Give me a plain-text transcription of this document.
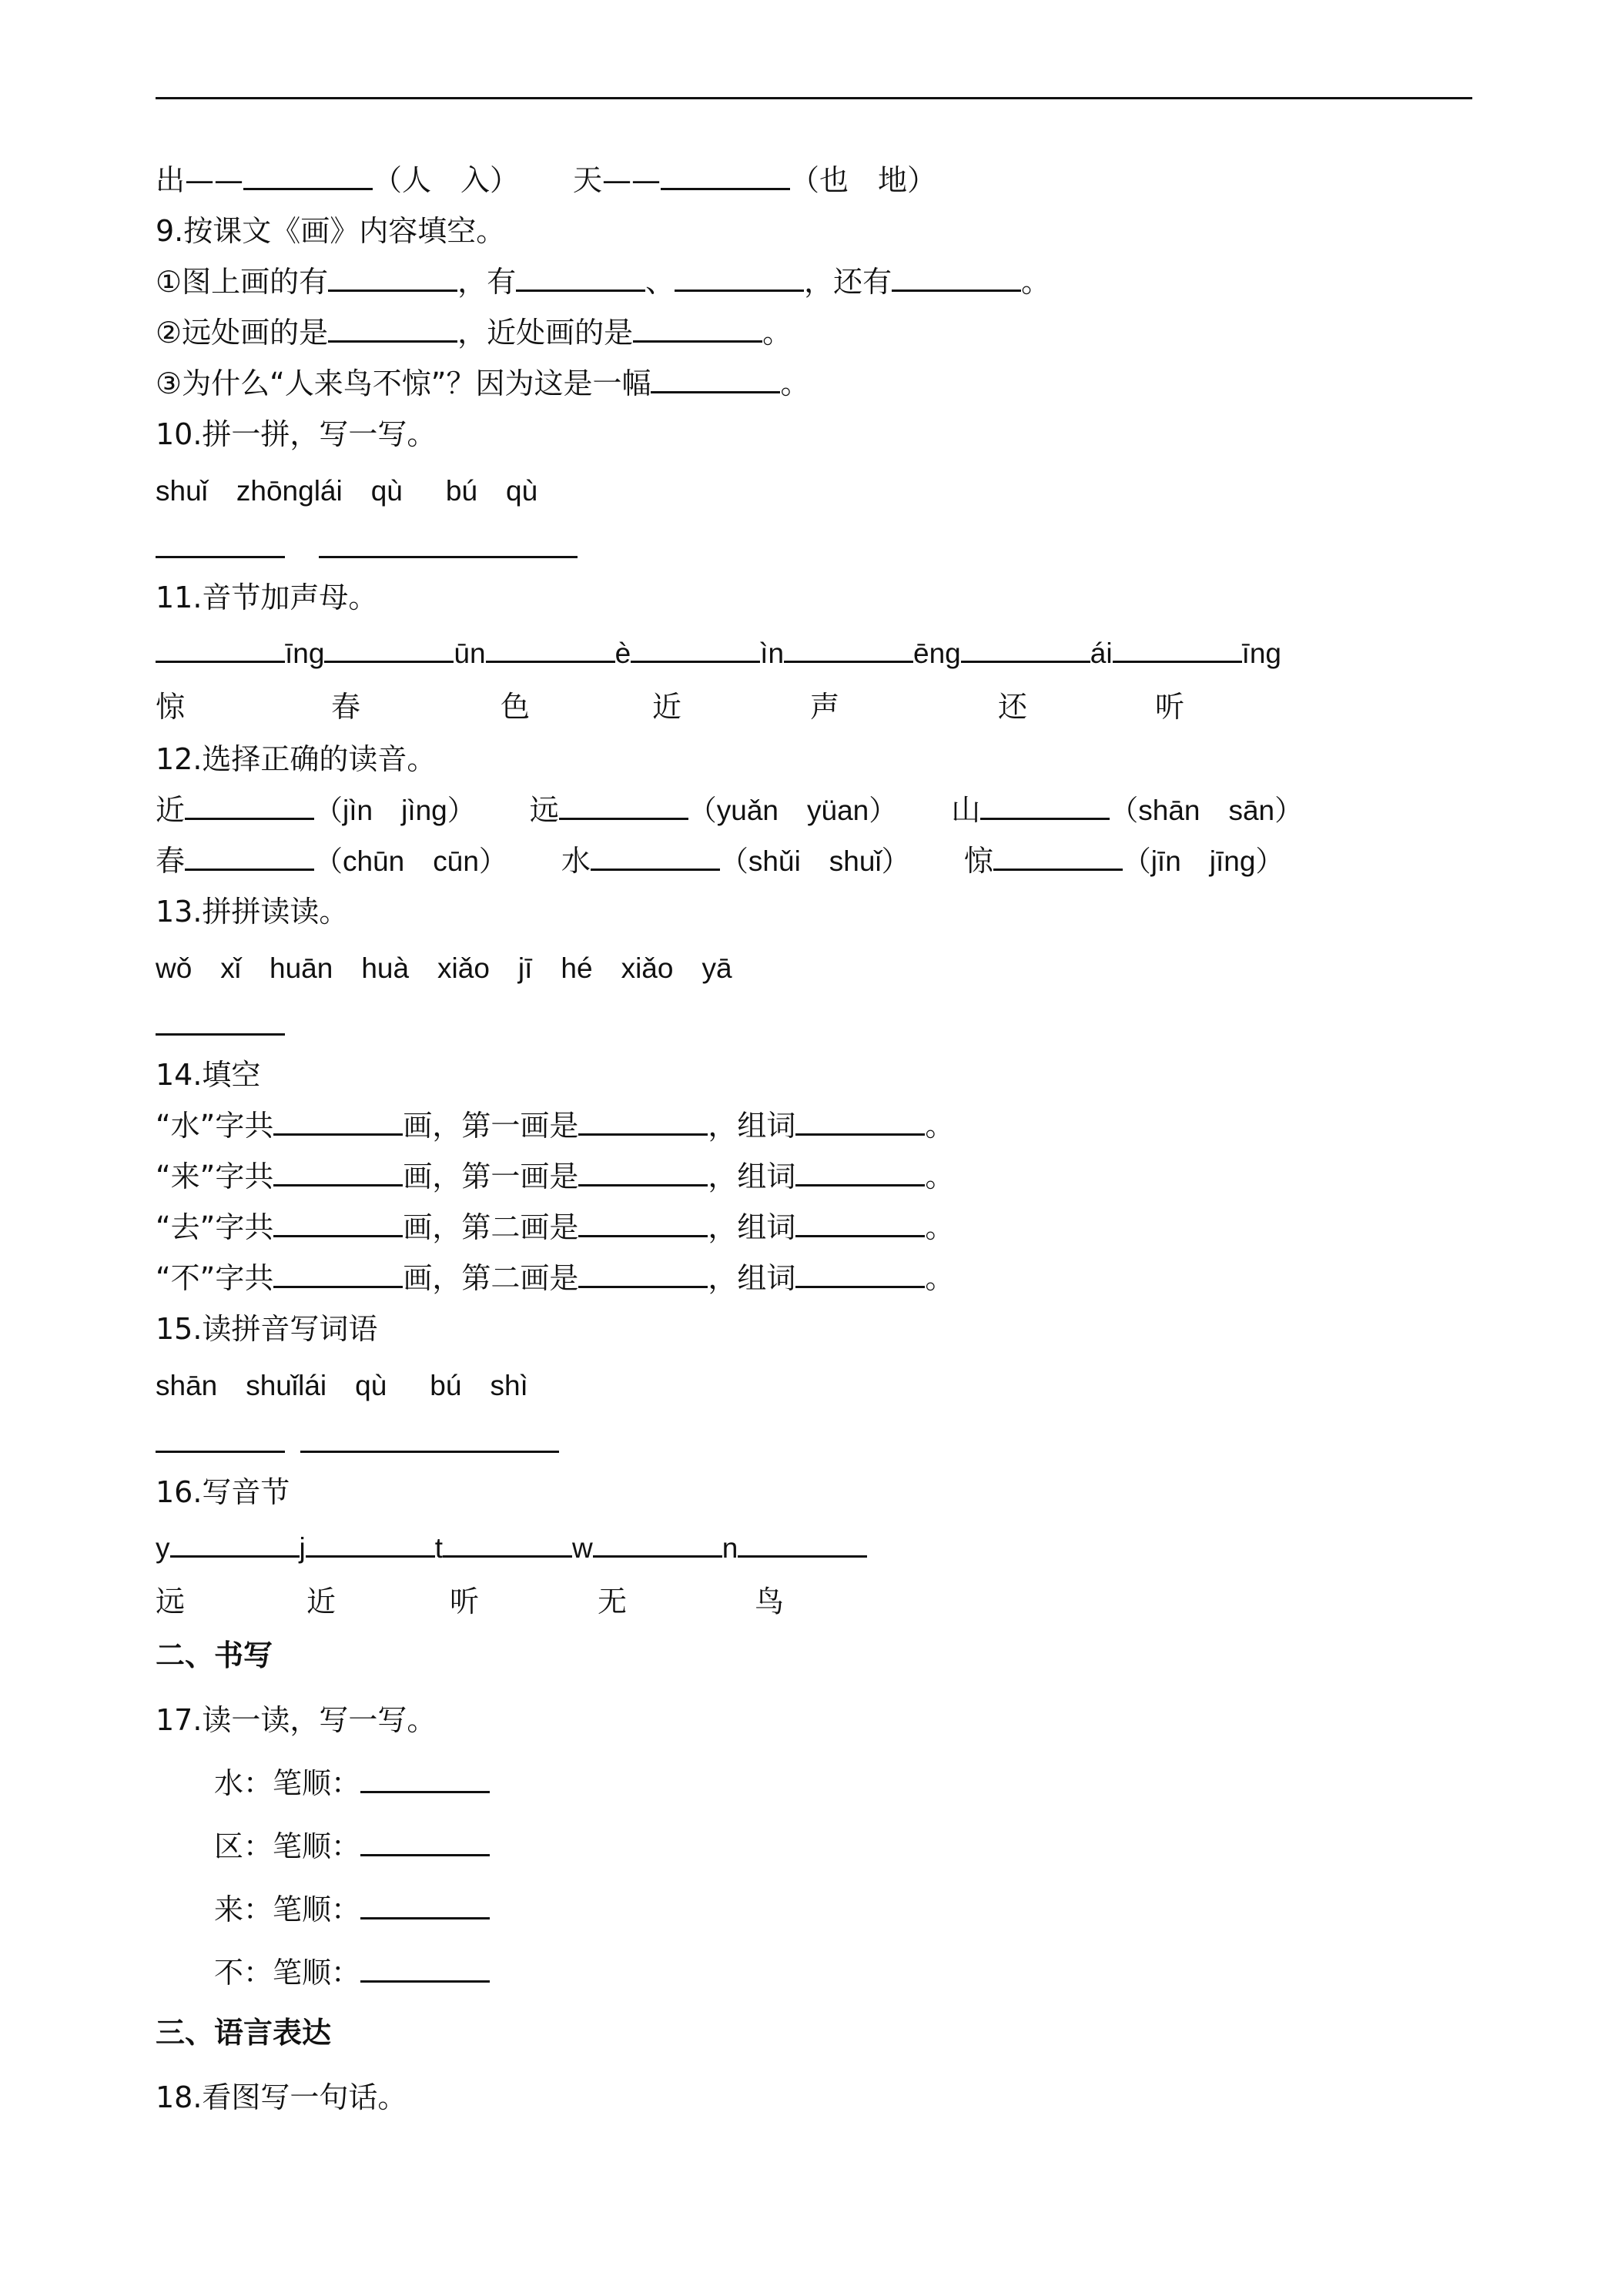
出——	（人　入） 天——	（也　地）
9.按课文《画》内容填空。
①图上画的有	，有	、	，还有	。
②远处画的是	，近处画的是	。
③为什么“人来鸟不惊”？因为这是一幅	。
10.拼一拼，写一写。
shuǐ　zhōnglái　qù bú　qù
11.音节加声母。
īng	ūn	è	ìn	ēng	ái	īng
惊	春	色	近	声	还	听
12.选择正确的读音。
近	（jìn　jìng） 远	（yuǎn　yüan） 山	（shān　sān）
春	（chūn　cūn） 水	（shǔi　shuǐ） 惊	（jīn　jīng）
13.拼拼读读。
wǒ　xǐ　huān　huà　xiǎo　jī　hé　xiǎo　yā
14.填空
“水”字共	画，第一画是	，组词	。
“来”字共	画，第一画是	，组词	。
“去”字共	画，第二画是	，组词	。
“不”字共	画，第二画是	，组词	。
15.读拼音写词语
shān　shuǐlái　qù bú　shì
16.写音节
y	j	t	w	n
远	近	听	无	鸟
二、书写
17.读一读，写一写。
水：笔顺：
区：笔顺：
来：笔顺：
不：笔顺：
三、语言表达
18.看图写一句话。
